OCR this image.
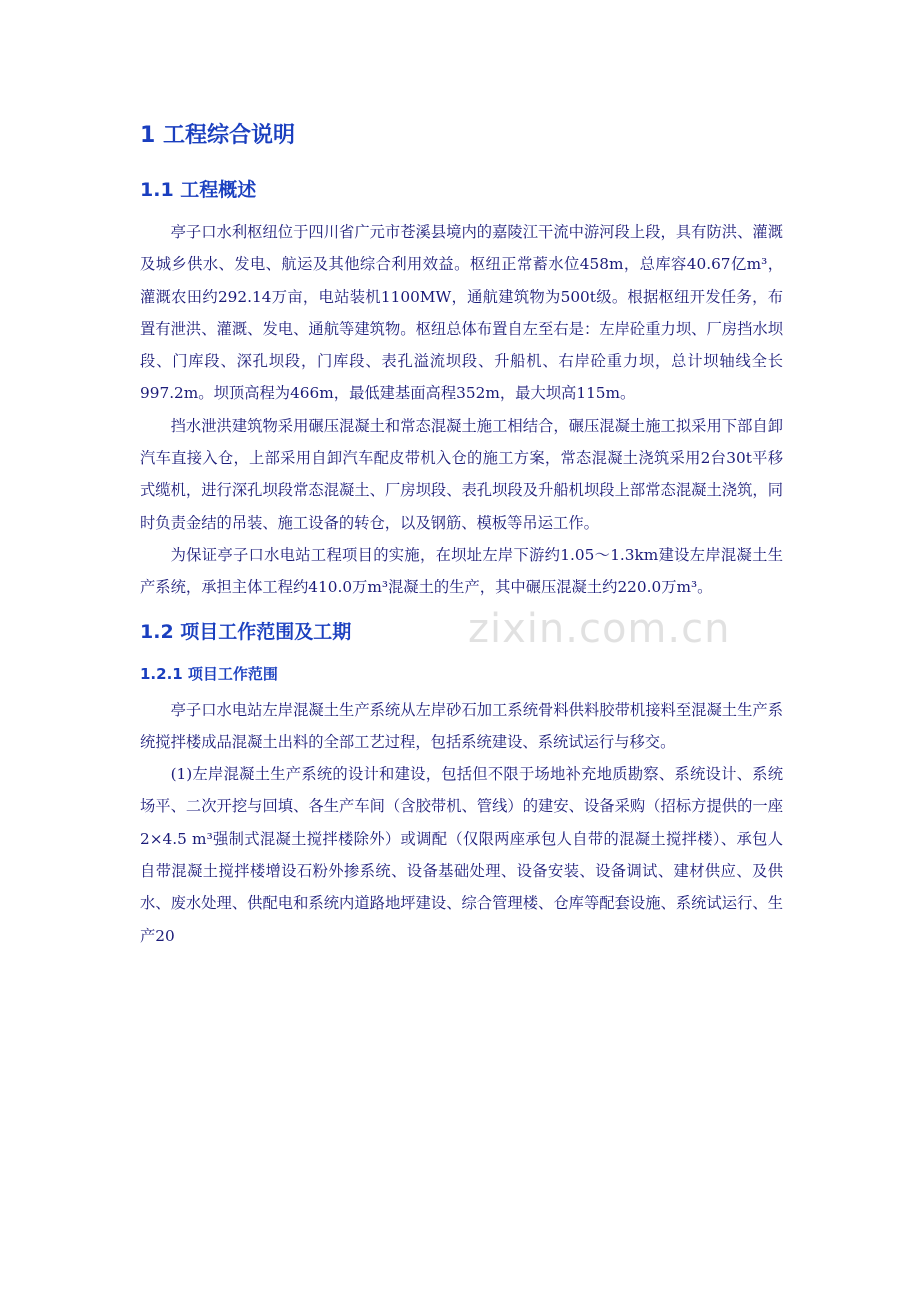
1 工程综合说明
1.1 工程概述

亭子口水利枢纽位于四川省广元市苍溪县境内的嘉陵江干流中游河段上段，具有防洪、灌溉及城乡供水、发电、航运及其他综合利用效益。枢纽正常蓄水位458m，总库容40.67亿m³，灌溉农田约292.14万亩，电站装机1100MW，通航建筑物为500t级。根据枢纽开发任务，布置有泄洪、灌溉、发电、通航等建筑物。枢纽总体布置自左至右是：左岸砼重力坝、厂房挡水坝段、门库段、深孔坝段，门库段、表孔溢流坝段、升船机、右岸砼重力坝，总计坝轴线全长997.2m。坝顶高程为466m，最低建基面高程352m，最大坝高115m。

挡水泄洪建筑物采用碾压混凝土和常态混凝土施工相结合，碾压混凝土施工拟采用下部自卸汽车直接入仓，上部采用自卸汽车配皮带机入仓的施工方案，常态混凝土浇筑采用2台30t平移式缆机，进行深孔坝段常态混凝土、厂房坝段、表孔坝段及升船机坝段上部常态混凝土浇筑，同时负责金结的吊装、施工设备的转仓，以及钢筋、模板等吊运工作。

为保证亭子口水电站工程项目的实施，在坝址左岸下游约1.05～1.3km建设左岸混凝土生产系统，承担主体工程约410.0万m³混凝土的生产，其中碾压混凝土约220.0万m³。

1.2 项目工作范围及工期
1.2.1 项目工作范围

亭子口水电站左岸混凝土生产系统从左岸砂石加工系统骨料供料胶带机接料至混凝土生产系统搅拌楼成品混凝土出料的全部工艺过程，包括系统建设、系统试运行与移交。

(1)左岸混凝土生产系统的设计和建设，包括但不限于场地补充地质勘察、系统设计、系统场平、二次开挖与回填、各生产车间（含胶带机、管线）的建安、设备采购（招标方提供的一座2×4.5 m³强制式混凝土搅拌楼除外）或调配（仅限两座承包人自带的混凝土搅拌楼）、承包人自带混凝土搅拌楼增设石粉外掺系统、设备基础处理、设备安装、设备调试、建材供应、及供水、废水处理、供配电和系统内道路地坪建设、综合管理楼、仓库等配套设施、系统试运行、生产20

zixin.com.cn
